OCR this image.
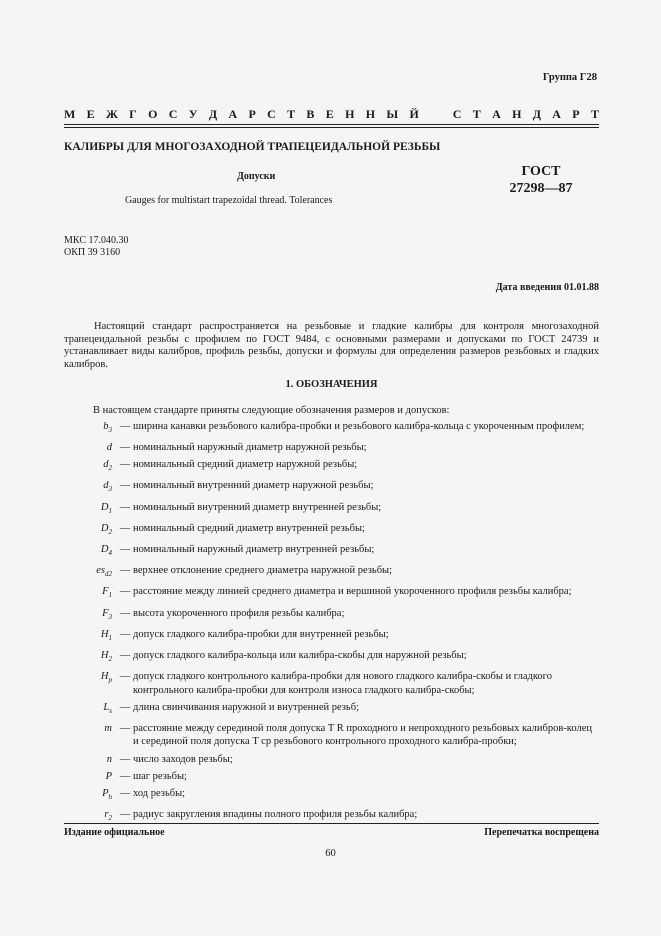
Группа Г28
М Е Ж Г О С У Д А Р С Т В Е Н Н Ы Й	С Т А Н Д А Р Т
КАЛИБРЫ ДЛЯ МНОГОЗАХОДНОЙ ТРАПЕЦЕИДАЛЬНОЙ РЕЗЬБЫ
Допуски	ГОСТ
27298—87
Gauges for multistart trapezoidal thread. Tolerances
МКС 17.040.30
ОКП 39 3160
Дата введения 01.01.88
Настоящий стандарт распространяется на резьбовые и гладкие калибры для контроля многозаходной трапецеидальной резьбы с профилем по ГОСТ 9484, с основными размерами и допусками по ГОСТ 24739 и устанавливает виды калибров, профиль резьбы, допуски и формулы для определения размеров резьбовых и гладких калибров.
1. ОБОЗНАЧЕНИЯ
В настоящем стандарте приняты следующие обозначения размеров и допусков:
$b_3$ — ширина канавки резьбового калибра-пробки и резьбового калибра-кольца с укороченным профилем;
d — номинальный наружный диаметр наружной резьбы;
$d_2$ — номинальный средний диаметр наружной резьбы;
$d_3$ — номинальный внутренний диаметр наружной резьбы;
$D_1$ — номинальный внутренний диаметр внутренней резьбы;
$D_2$ — номинальный средний диаметр внутренней резьбы;
$D_4$ — номинальный наружный диаметр внутренней резьбы;
$es_{d2}$ — верхнее отклонение среднего диаметра наружной резьбы;
$F_1$ — расстояние между линией среднего диаметра и вершиной укороченного профиля резьбы калибра;
$F_3$ — высота укороченного профиля резьбы калибра;
$H_1$ — допуск гладкого калибра-пробки для внутренней резьбы;
$H_2$ — допуск гладкого калибра-кольца или калибра-скобы для наружной резьбы;
$H_p$ — допуск гладкого контрольного калибра-пробки для нового гладкого калибра-скобы и гладкого контрольного калибра-пробки для контроля износа гладкого калибра-скобы;
$L_s$ — длина свинчивания наружной и внутренней резьб;
m — расстояние между серединой поля допуска T R проходного и непроходного резьбовых калибров-колец и серединой поля допуска T ср резьбового контрольного проходного калибра-пробки;
n — число заходов резьбы;
P — шаг резьбы;
$P_h$ — ход резьбы;
$r_2$ — радиус закругления впадины полного профиля резьбы калибра;
Издание официальное	Перепечатка воспрещена
60
